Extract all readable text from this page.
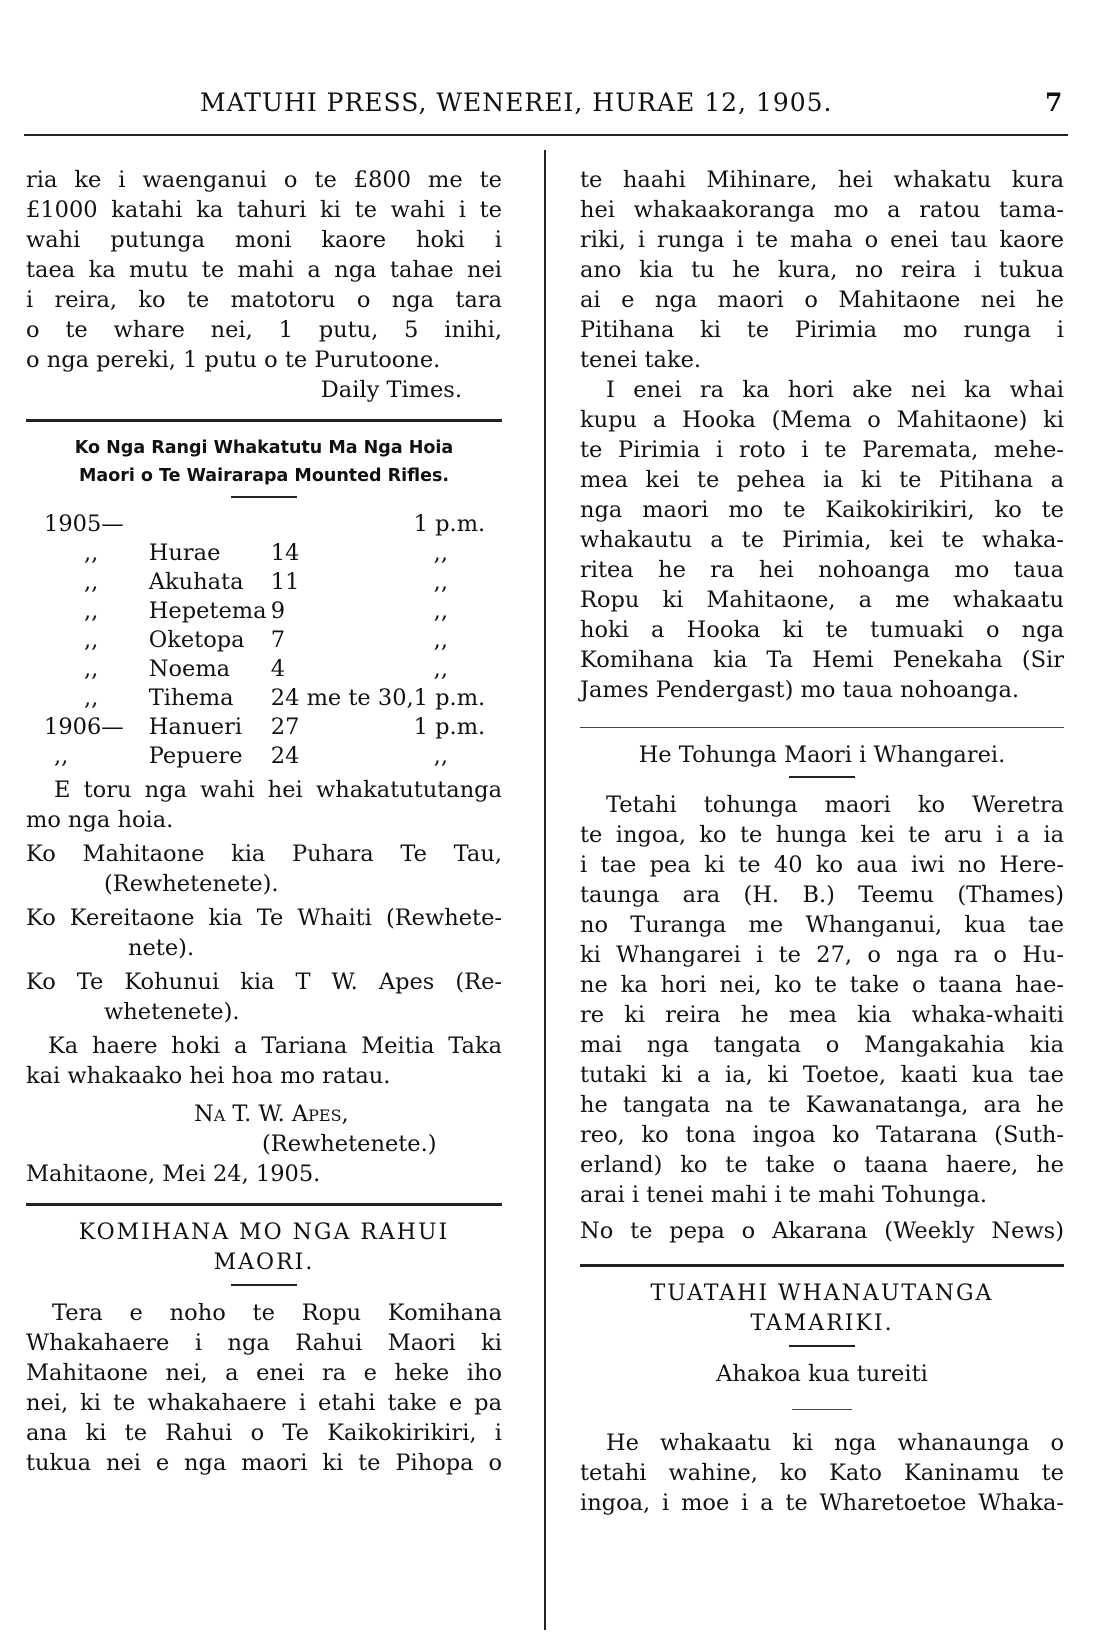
MATUHI PRESS, WENEREI, HURAE 12, 1905.	7
ria ke i waenganui o te £800 me te
£1000 katahi ka tahuri ki te wahi i te
wahi putunga moni kaore hoki i
taea ka mutu te mahi a nga tahae nei
i reira, ko te matotoru o nga tara
o te whare nei, 1 putu, 5 inihi,
o nga pereki, 1 putu o te Purutoone.
Daily Times.

Ko Nga Rangi Whakatutu Ma Nga Hoia

Maori o Te Wairarapa Mounted Rifles.

1905—			1 p.m.
,,	Hurae	14	,,
,,	Akuhata	11	,,
,,	Hepetema	9	,,
,,	Oketopa	7	,,
,,	Noema	4	,,
,,	Tihema	24 me te 30,	1 p.m.
1906—	Hanueri	27	1 p.m.
,,	Pepuere	24	,,
E toru nga wahi hei whakatututanga
mo nga hoia.
Ko Mahitaone kia Puhara Te Tau,
(Rewhetenete).
Ko Kereitaone kia Te Whaiti (Rewhete-
nete).
Ko Te Kohunui kia T W. Apes (Re-
whetenete).
Ka haere hoki a Tariana Meitia Taka
kai whakaako hei hoa mo ratau.
Na T. W. Apes,
(Rewhetenete.)
Mahitaone, Mei 24, 1905.

KOMIHANA MO NGA RAHUI

MAORI.

Tera e noho te Ropu Komihana
Whakahaere i nga Rahui Maori ki
Mahitaone nei, a enei ra e heke iho
nei, ki te whakahaere i etahi take e pa
ana ki te Rahui o Te Kaikokirikiri, i
tukua nei e nga maori ki te Pihopa o
te haahi Mihinare, hei whakatu kura
hei whakaakoranga mo a ratou tama-
riki, i runga i te maha o enei tau kaore
ano kia tu he kura, no reira i tukua
ai e nga maori o Mahitaone nei he
Pitihana ki te Pirimia mo runga i
tenei take.
I enei ra ka hori ake nei ka whai
kupu a Hooka (Mema o Mahitaone) ki
te Pirimia i roto i te Paremata, mehe-
mea kei te pehea ia ki te Pitihana a
nga maori mo te Kaikokirikiri, ko te
whakautu a te Pirimia, kei te whaka-
ritea he ra hei nohoanga mo taua
Ropu ki Mahitaone, a me whakaatu
hoki a Hooka ki te tumuaki o nga
Komihana kia Ta Hemi Penekaha (Sir
James Pendergast) mo taua nohoanga.

He Tohunga Maori i Whangarei.

Tetahi tohunga maori ko Weretra
te ingoa, ko te hunga kei te aru i a ia
i tae pea ki te 40 ko aua iwi no Here-
taunga ara (H. B.) Teemu (Thames)
no Turanga me Whanganui, kua tae
ki Whangarei i te 27, o nga ra o Hu-
ne ka hori nei, ko te take o taana hae-
re ki reira he mea kia whaka-whaiti
mai nga tangata o Mangakahia kia
tutaki ki a ia, ki Toetoe, kaati kua tae
he tangata na te Kawanatanga, ara he
reo, ko tona ingoa ko Tatarana (Suth-
erland) ko te take o taana haere, he
arai i tenei mahi i te mahi Tohunga.
No te pepa o Akarana (Weekly News)

TUATAHI WHANAUTANGA

TAMARIKI.

Ahakoa kua tureiti

He whakaatu ki nga whanaunga o
tetahi wahine, ko Kato Kaninamu te
ingoa, i moe i a te Wharetoetoe Whaka-
